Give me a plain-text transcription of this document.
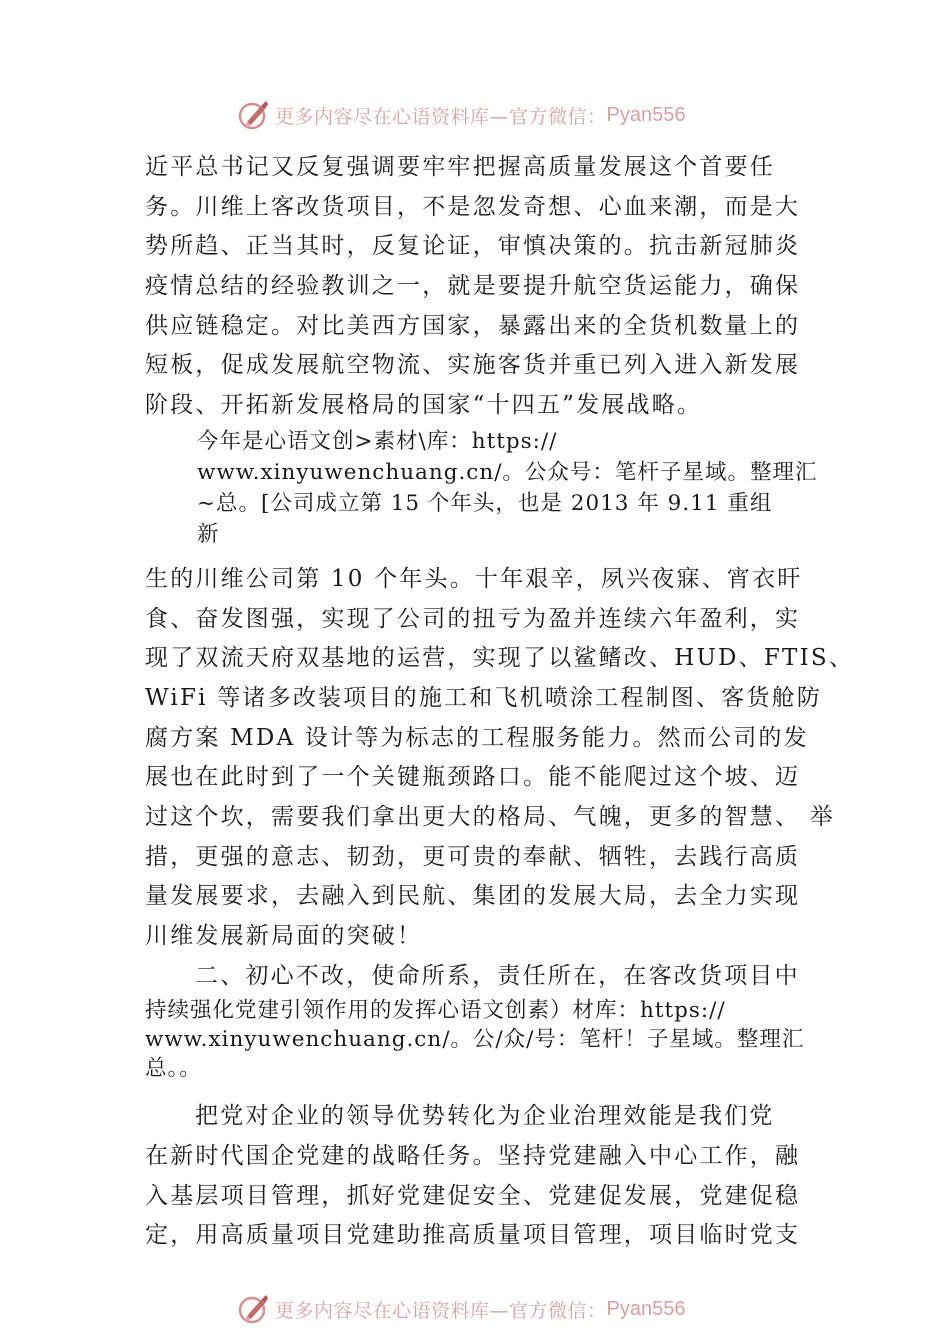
更多内容尽在心语资料库—官方微信： Pyan556
近平总书记又反复强调要牢牢把握高质量发展这个首要任
务。川维上客改货项目，不是忽发奇想、心血来潮，而是大
势所趋、正当其时，反复论证，审慎决策的。抗击新冠肺炎
疫情总结的经验教训之一，就是要提升航空货运能力，确保
供应链稳定。对比美西方国家，暴露出来的全货机数量上的
短板，促成发展航空物流、实施客货并重已列入进入新发展
阶段、开拓新发展格局的国家“十四五”发展战略。
今年是心语文创>素材\库：https://
www.xinyuwenchuang.cn/。公众号：笔杆子星域。整理汇
~总。[公司成立第 15 个年头，也是 2013 年 9.11 重组
新
生的川维公司第 10 个年头。十年艰辛，夙兴夜寐、宵衣旰
食、奋发图强，实现了公司的扭亏为盈并连续六年盈利，实
现了双流天府双基地的运营，实现了以鲨鳍改、HUD、FTIS、
WiFi 等诸多改装项目的施工和飞机喷涂工程制图、客货舱防
腐方案 MDA 设计等为标志的工程服务能力。然而公司的发
展也在此时到了一个关键瓶颈路口。能不能爬过这个坡、迈
过这个坎，需要我们拿出更大的格局、气魄，更多的智慧、 举
措，更强的意志、韧劲，更可贵的奉献、牺牲，去践行高质
量发展要求，去融入到民航、集团的发展大局，去全力实现
川维发展新局面的突破！
二、初心不改，使命所系，责任所在，在客改货项目中
持续强化党建引领作用的发挥心语文创素）材库：https://
www.xinyuwenchuang.cn/。公/众/号：笔杆！子星域。整理汇
总。。
把党对企业的领导优势转化为企业治理效能是我们党
在新时代国企党建的战略任务。坚持党建融入中心工作，融
入基层项目管理，抓好党建促安全、党建促发展，党建促稳
定，用高质量项目党建助推高质量项目管理，项目临时党支
更多内容尽在心语资料库—官方微信： Pyan556
